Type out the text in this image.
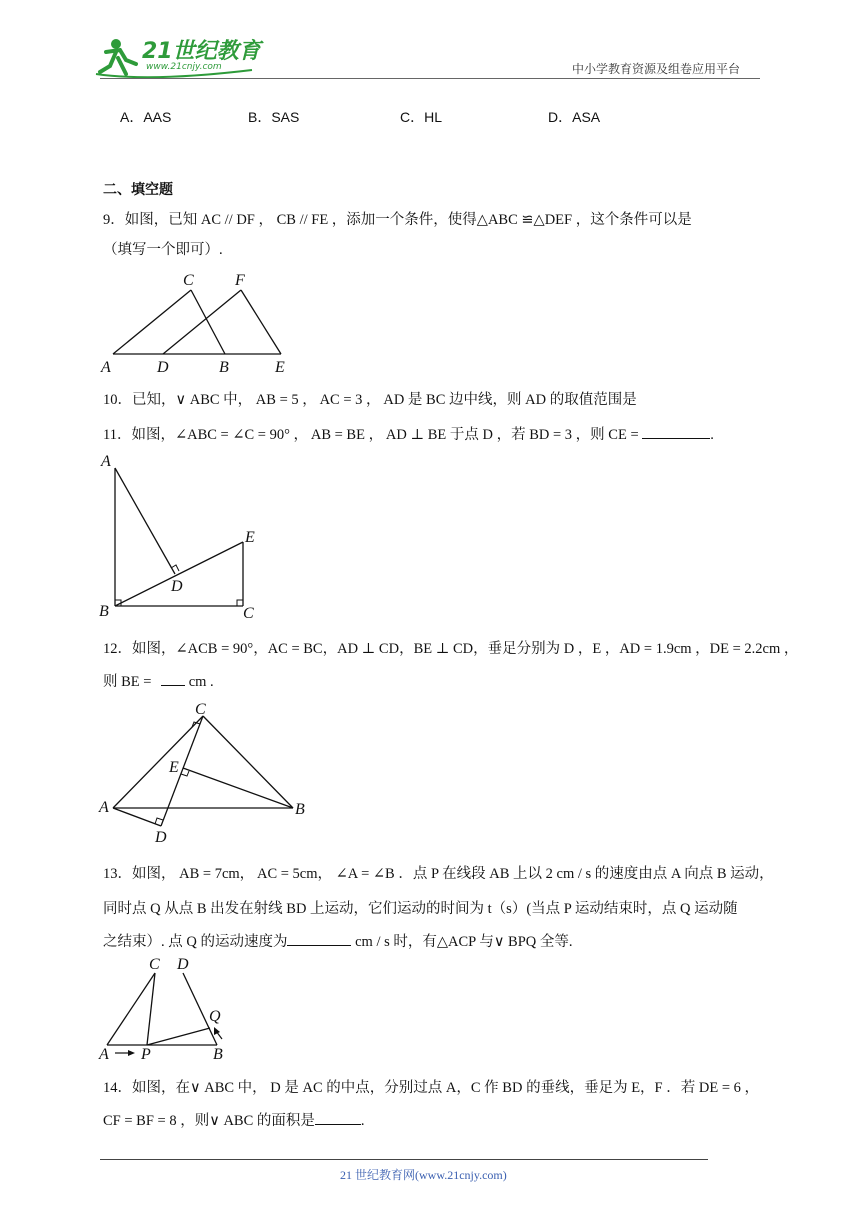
21世纪教育
www.21cnjy.com	中小学教育资源及组卷应用平台
A．AAS	B．SAS	C．HL	D．ASA
二、填空题
9．如图，已知 AC // DF ， CB // FE ，添加一个条件，使得△ABC ≌△DEF ，这个条件可以是
（填写一个即可）.
C	F
A	D	B	E
10．已知，∨ ABC 中， AB = 5 ， AC = 3 ， AD 是 BC 边中线，则 AD 的取值范围是
11．如图，∠ABC = ∠C = 90° ， AB = BE ， AD ⊥ BE 于点 D ，若 BD = 3 ，则 CE =	.
A
E
D
B	C
12．如图，∠ACB = 90°，AC = BC，AD ⊥ CD，BE ⊥ CD，垂足分别为 D ，E ，AD = 1.9cm ，DE = 2.2cm ，
则 BE =	cm .
C
E
A	B
D
13．如图， AB = 7cm， AC = 5cm， ∠A = ∠B ．点 P 在线段 AB 上以 2 cm / s 的速度由点 A 向点 B 运动，
同时点 Q 从点 B 出发在射线 BD 上运动，它们运动的时间为 t（s）(当点 P 运动结束时，点 Q 运动随
之结束）. 点 Q 的运动速度为	cm / s 时，有△ACP 与∨ BPQ 全等.
C D
Q
A P	B
14．如图，在∨ ABC 中， D 是 AC 的中点，分别过点 A，C 作 BD 的垂线，垂足为 E，F ．若 DE = 6 ，
CF = BF = 8 ，则∨ ABC 的面积是	.
21 世纪教育网(www.21cnjy.com)
